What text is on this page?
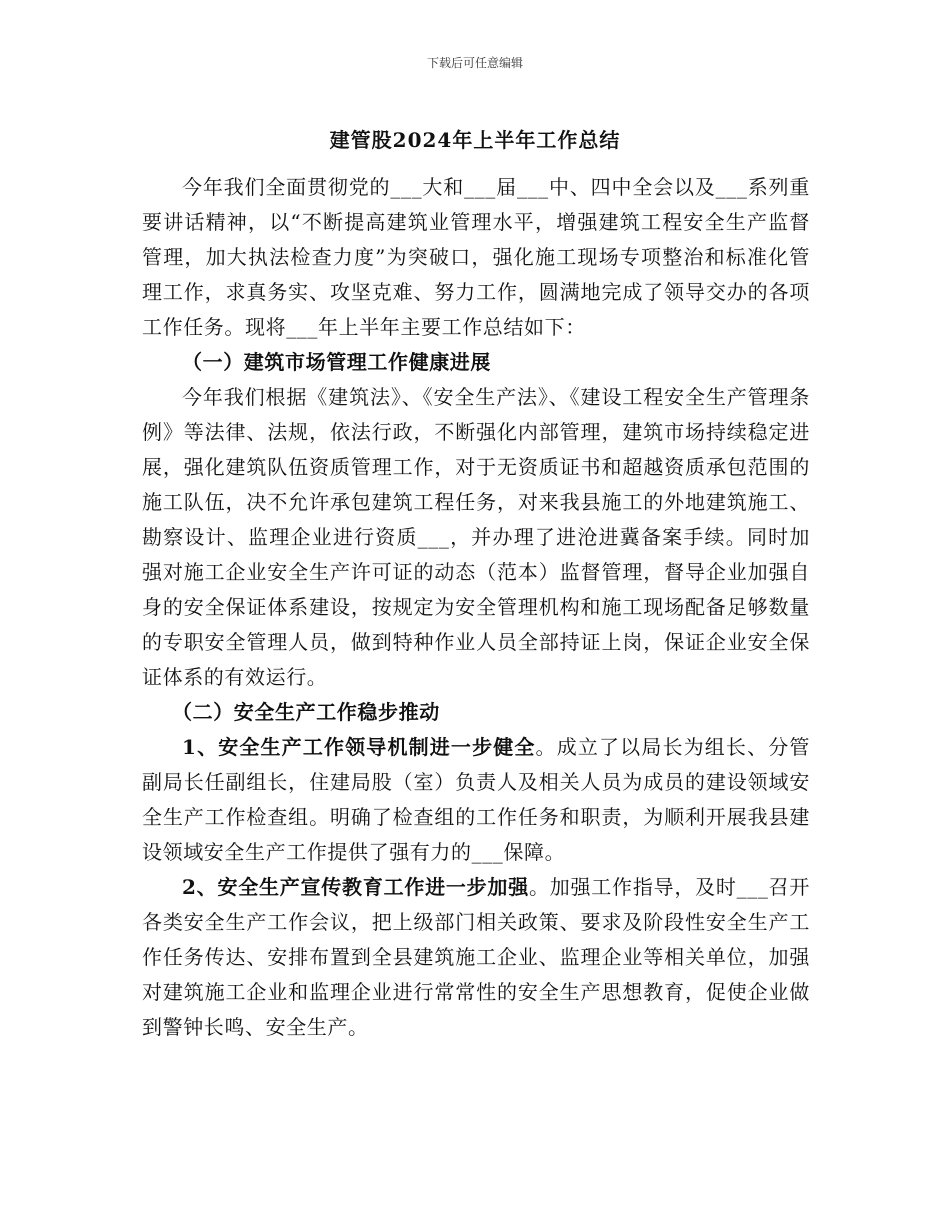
下载后可任意编辑
建管股2024年上半年工作总结

今年我们全面贯彻党的___大和___届___中、四中全会以及___系列重要讲话精神，以“不断提高建筑业管理水平，增强建筑工程安全生产监督管理，加大执法检查力度”为突破口，强化施工现场专项整治和标准化管理工作，求真务实、攻坚克难、努力工作，圆满地完成了领导交办的各项工作任务。现将___年上半年主要工作总结如下：

（一）建筑市场管理工作健康进展

今年我们根据《建筑法》、《安全生产法》、《建设工程安全生产管理条例》等法律、法规，依法行政，不断强化内部管理，建筑市场持续稳定进展，强化建筑队伍资质管理工作，对于无资质证书和超越资质承包范围的施工队伍，决不允许承包建筑工程任务，对来我县施工的外地建筑施工、勘察设计、监理企业进行资质___，并办理了进沧进冀备案手续。同时加强对施工企业安全生产许可证的动态（范本）监督管理，督导企业加强自身的安全保证体系建设，按规定为安全管理机构和施工现场配备足够数量的专职安全管理人员，做到特种作业人员全部持证上岗，保证企业安全保证体系的有效运行。

（二）安全生产工作稳步推动

1、安全生产工作领导机制进一步健全。成立了以局长为组长、分管副局长任副组长，住建局股（室）负责人及相关人员为成员的建设领域安全生产工作检查组。明确了检查组的工作任务和职责，为顺利开展我县建设领域安全生产工作提供了强有力的___保障。

2、安全生产宣传教育工作进一步加强。加强工作指导，及时___召开各类安全生产工作会议，把上级部门相关政策、要求及阶段性安全生产工作任务传达、安排布置到全县建筑施工企业、监理企业等相关单位，加强对建筑施工企业和监理企业进行常常性的安全生产思想教育，促使企业做到警钟长鸣、安全生产。
